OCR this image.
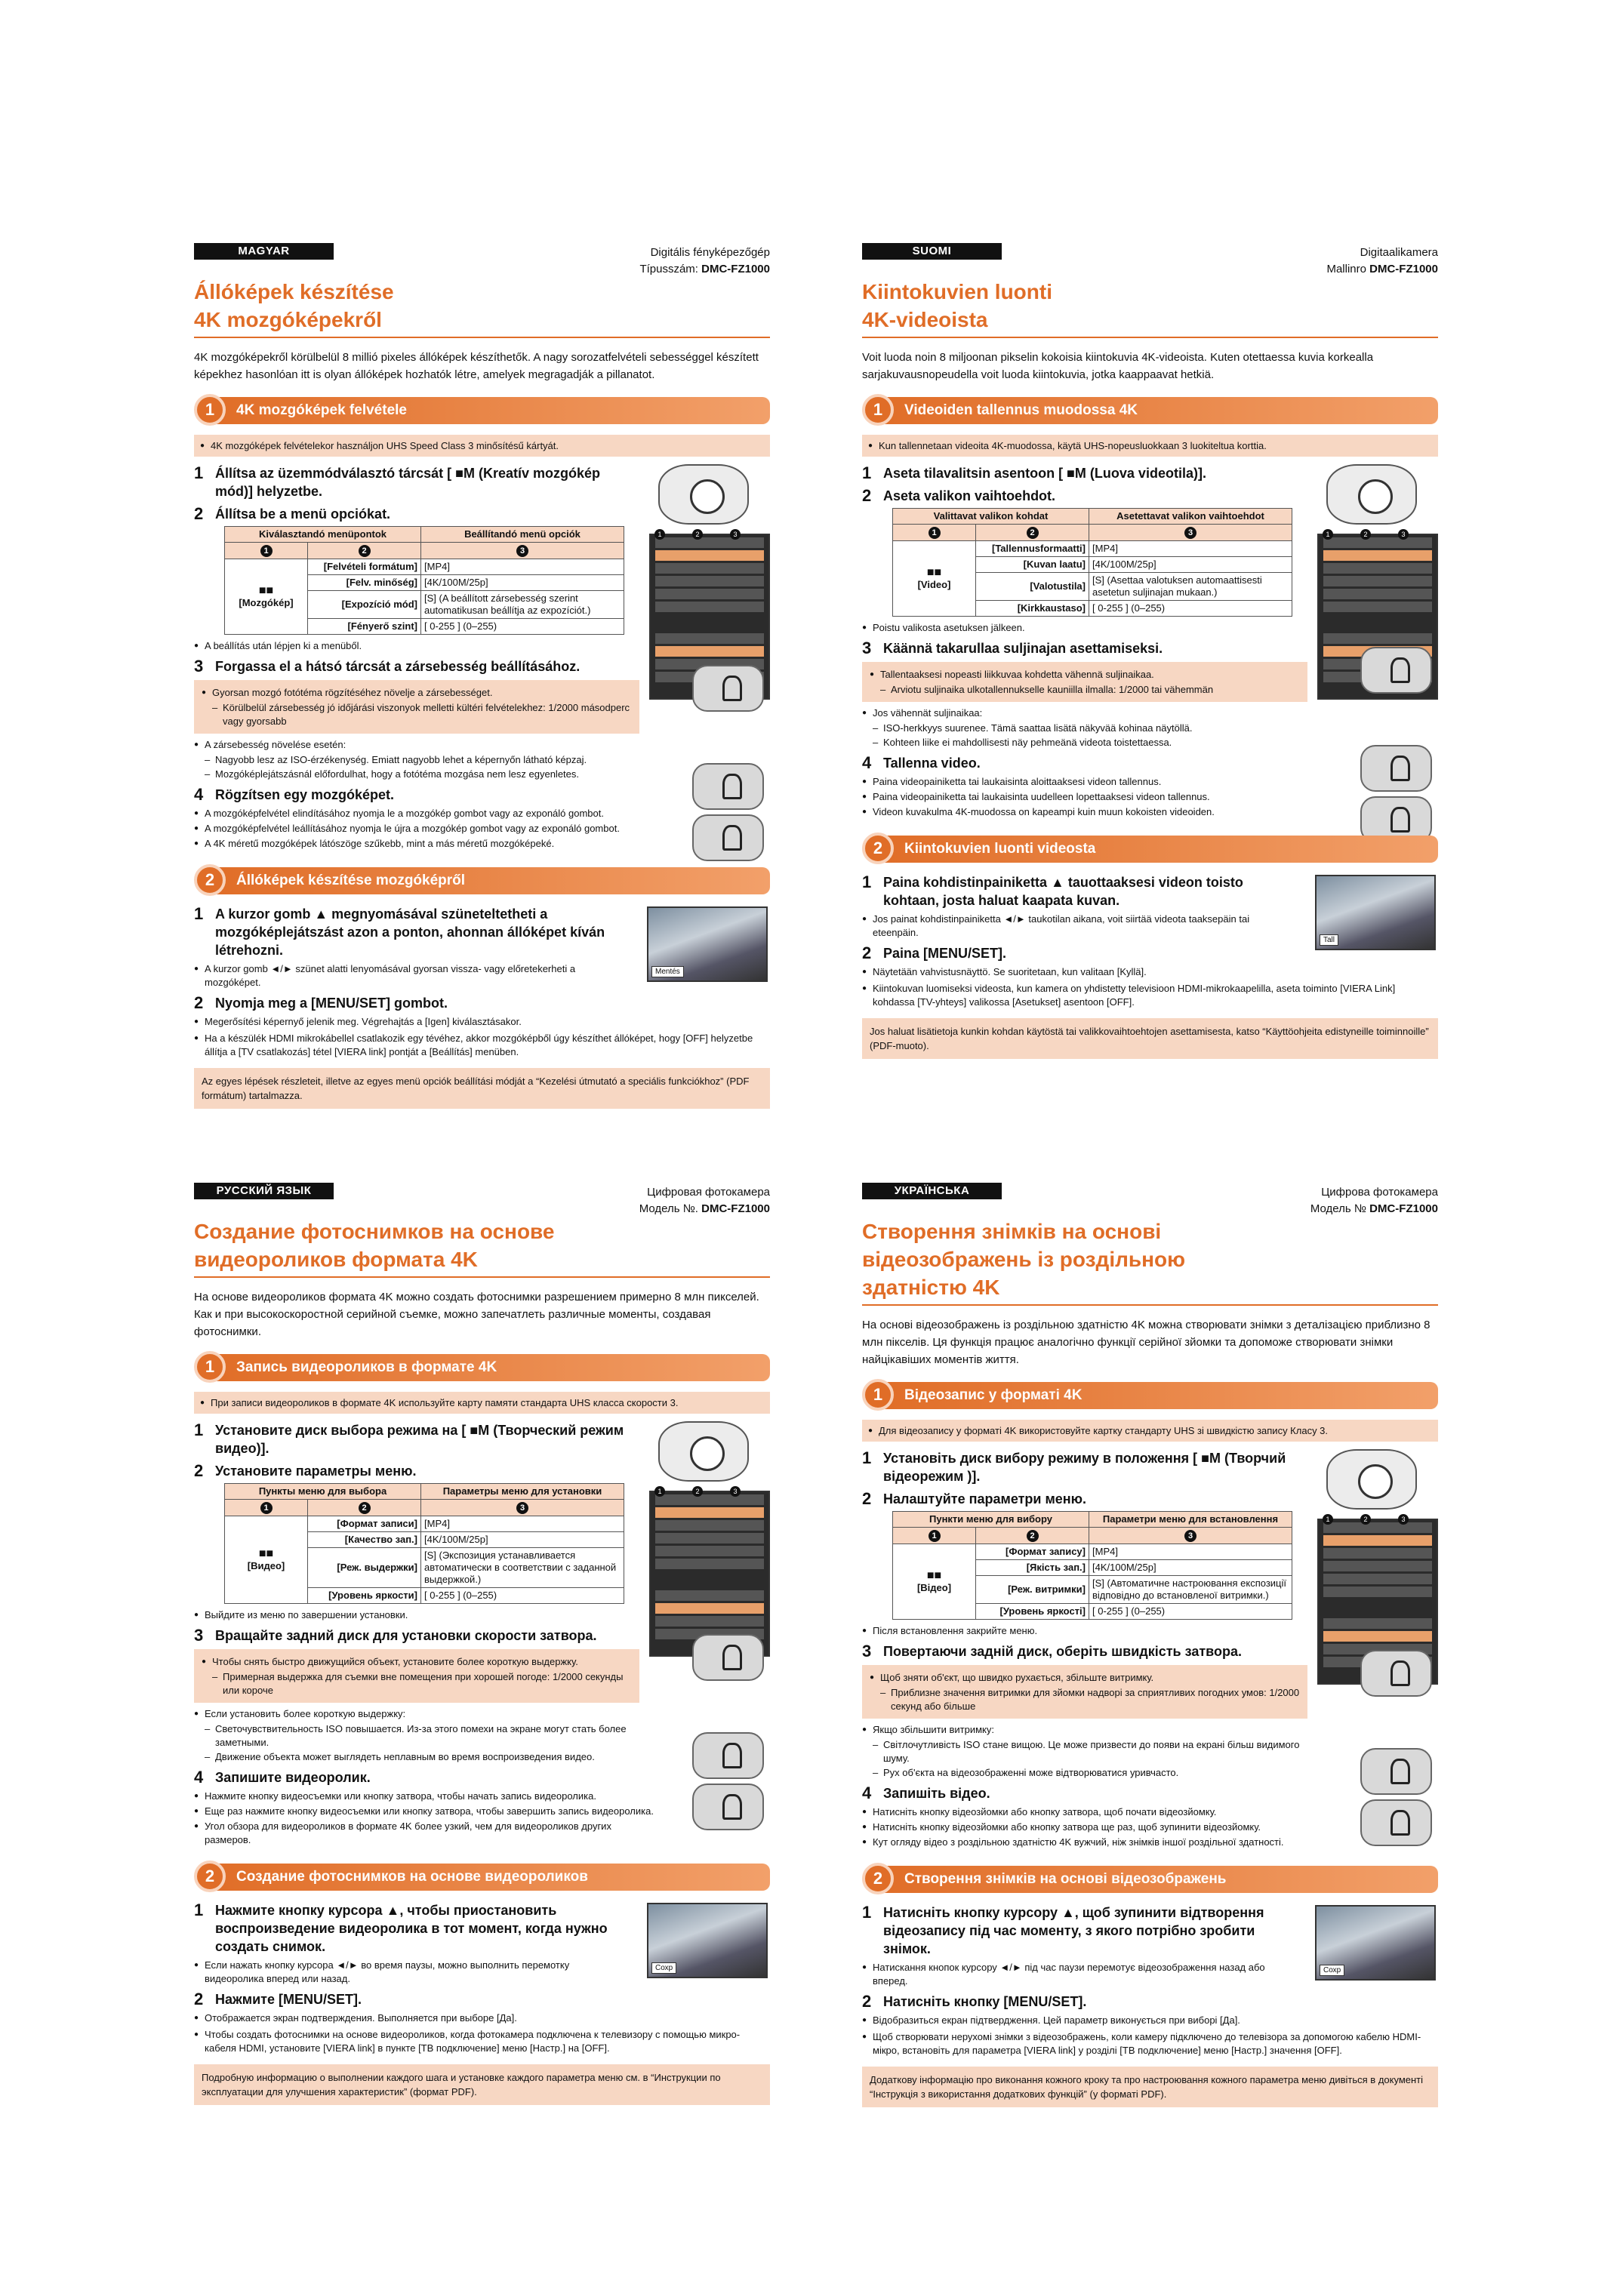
MAGYAR	Digitális fényképezőgép
Típusszám: DMC-FZ1000
Állóképek készítése
4K mozgóképekről
4K mozgóképekről körülbelül 8 millió pixeles állóképek készíthetők. A nagy sorozatfelvételi sebességgel készített képekhez hasonlóan itt is olyan állóképek hozhatók létre, amelyek megragadják a pillanatot.
1	4K mozgóképek felvétele
● 4K mozgóképek felvételekor használjon UHS Speed Class 3 minősítésű kártyát.
1	2	3
1 Állítsa az üzemmódválasztó tárcsát [ ■M (Kreatív mozgókép mód)] helyzetbe.
2 Állítsa be a menü opciókat.
Kiválasztandó menüpontok		Beállítandó menü opciók
1	2	3

■■
[Mozgókép]	[Felvételi formátum]	[MP4]
	[Felv. minőség]	[4K/100M/25p]
	[Expozíció mód]	[S] (A beállított zársebesség szerint automatikusan beállítja az expozíciót.)
	[Fényerő szint]	[ 0-255 ] (0–255)
● A beállítás után lépjen ki a menüből.
3 Forgassa el a hátsó tárcsát a zársebesség beállításához.
● Gyorsan mozgó fotótéma rögzítéséhez növelje a zársebességet.
– Körülbelül zársebesség jó időjárási viszonyok melletti kültéri felvételekhez: 1/2000 másodperc vagy gyorsabb
● A zársebesség növelése esetén:
– Nagyobb lesz az ISO-érzékenység. Emiatt nagyobb lehet a képernyőn látható képzaj.
– Mozgóképlejátszásnál előfordulhat, hogy a fotótéma mozgása nem lesz egyenletes.
4 Rögzítsen egy mozgóképet.
● A mozgóképfelvétel elindításához nyomja le a mozgókép gombot vagy az exponáló gombot.
● A mozgóképfelvétel leállításához nyomja le újra a mozgókép gombot vagy az exponáló gombot.
● A 4K méretű mozgóképek látószöge szűkebb, mint a más méretű mozgóképeké.
2	Állóképek készítése mozgóképről
Mentés
1 A kurzor gomb ▲ megnyomásával szüneteltetheti a mozgóképlejátszást azon a ponton, ahonnan állóképet kíván létrehozni.
● A kurzor gomb ◄/► szünet alatti lenyomásával gyorsan vissza- vagy előretekerheti a mozgóképet.
2 Nyomja meg a [MENU/SET] gombot.
● Megerősítési képernyő jelenik meg. Végrehajtás a [Igen] kiválasztásakor.
● Ha a készülék HDMI mikrokábellel csatlakozik egy tévéhez, akkor mozgóképből úgy készíthet állóképet, hogy [OFF] helyzetbe állítja a [TV csatlakozás] tétel [VIERA link] pontját a [Beállítás] menüben.
Az egyes lépések részleteit, illetve az egyes menü opciók beállítási módját a “Kezelési útmutató a speciális funkciókhoz” (PDF formátum) tartalmazza.
SUOMI	Digitaalikamera
Mallinro DMC-FZ1000
Kiintokuvien luonti
4K-videoista
Voit luoda noin 8 miljoonan pikselin kokoisia kiintokuvia 4K-videoista. Kuten otettaessa kuvia korkealla sarjakuvausnopeudella voit luoda kiintokuvia, jotka kaappaavat hetkiä.
1	Videoiden tallennus muodossa 4K
● Kun tallennetaan videoita 4K-muodossa, käytä UHS-nopeusluokkaan 3 luokiteltua korttia.
1	2	3
1 Aseta tilavalitsin asentoon [ ■M (Luova videotila)].
2 Aseta valikon vaihtoehdot.
Valittavat valikon kohdat		Asetettavat valikon vaihtoehdot
1	2	3

■■
[Video]	[Tallennusformaatti]	[MP4]
	[Kuvan laatu]	[4K/100M/25p]
	[Valotustila]	[S] (Asettaa valotuksen automaattisesti asetetun suljinajan mukaan.)
	[Kirkkaustaso]	[ 0-255 ] (0–255)
● Poistu valikosta asetuksen jälkeen.
3 Käännä takarullaa suljinajan asettamiseksi.
● Tallentaaksesi nopeasti liikkuvaa kohdetta vähennä suljinaikaa.
– Arviotu suljinaika ulkotallennukselle kauniilla ilmalla: 1/2000 tai vähemmän
● Jos vähennät suljinaikaa:
– ISO-herkkyys suurenee. Tämä saattaa lisätä näkyvää kohinaa näytöllä.
– Kohteen liike ei mahdollisesti näy pehmeänä videota toistettaessa.
4 Tallenna video.
● Paina videopainiketta tai laukaisinta aloittaaksesi videon tallennus.
● Paina videopainiketta tai laukaisinta uudelleen lopettaaksesi videon tallennus.
● Videon kuvakulma 4K-muodossa on kapeampi kuin muun kokoisten videoiden.
2	Kiintokuvien luonti videosta
Tall
1 Paina kohdistinpainiketta ▲ tauottaaksesi videon toisto kohtaan, josta haluat kaapata kuvan.
● Jos painat kohdistinpainiketta ◄/► taukotilan aikana, voit siirtää videota taaksepäin tai eteenpäin.
2 Paina [MENU/SET].
● Näytetään vahvistusnäyttö. Se suoritetaan, kun valitaan [Kyllä].
● Kiintokuvan luomiseksi videosta, kun kamera on yhdistetty televisioon HDMI-mikrokaapelilla, aseta toiminto [VIERA Link] kohdassa [TV-yhteys] valikossa [Asetukset] asentoon [OFF].
Jos haluat lisätietoja kunkin kohdan käytöstä tai valikkovaihtoehtojen asettamisesta, katso “Käyttöohjeita edistyneille toiminnoille” (PDF-muoto).
РУССКИЙ ЯЗЫК	Цифровая фотокамера
Модель №. DMC-FZ1000
Создание фотоснимков на основе
видеороликов формата 4K
На основе видеороликов формата 4K можно создать фотоснимки разрешением примерно 8 млн пикселей. Как и при высокоскоростной серийной съемке, можно запечатлеть различные моменты, создавая фотоснимки.
1	Запись видеороликов в формате 4K
● При записи видеороликов в формате 4K используйте карту памяти стандарта UHS класса скорости 3.
1	2	3
1 Установите диск выбора режима на [ ■M (Творческий режим видео)].
2 Установите параметры меню.
Пункты меню для выбора		Параметры меню для установки
1	2	3

■■
[Видео]	[Формат записи]	[MP4]
	[Качество зап.]	[4K/100M/25p]
	[Реж. выдержки]	[S] (Экспозиция устанавливается автоматически в соответствии с заданной выдержкой.)
	[Уровень яркости]	[ 0-255 ] (0–255)
● Выйдите из меню по завершении установки.
3 Вращайте задний диск для установки скорости затвора.
● Чтобы снять быстро движущийся объект, установите более короткую выдержку.
– Примерная выдержка для съемки вне помещения при хорошей погоде: 1/2000 секунды или короче
● Если установить более короткую выдержку:
– Светочувствительность ISO повышается. Из-за этого помехи на экране могут стать более заметными.
– Движение объекта может выглядеть неплавным во время воспроизведения видео.
4 Запишите видеоролик.
● Нажмите кнопку видеосъемки или кнопку затвора, чтобы начать запись видеоролика.
● Еще раз нажмите кнопку видеосъемки или кнопку затвора, чтобы завершить запись видеоролика.
● Угол обзора для видеороликов в формате 4K более узкий, чем для видеороликов других размеров.
2	Создание фотоснимков на основе видеороликов
Сохр
1 Нажмите кнопку курсора ▲, чтобы приостановить воспроизведение видеоролика в тот момент, когда нужно создать снимок.
● Если нажать кнопку курсора ◄/► во время паузы, можно выполнить перемотку видеоролика вперед или назад.
2 Нажмите [MENU/SET].
● Отображается экран подтверждения. Выполняется при выборе [Да].
● Чтобы создать фотоснимки на основе видеороликов, когда фотокамера подключена к телевизору с помощью микро-кабеля HDMI, установите [VIERA link] в пункте [ТВ подключение] меню [Настр.] на [OFF].
Подробную информацию о выполнении каждого шага и установке каждого параметра меню см. в “Инструкции по эксплуатации для улучшения характеристик” (формат PDF).
УКРАЇНСЬКА	Цифрова фотокамера
Модель № DMC-FZ1000
Створення знімків на основі
відеозображень із роздільною здатністю 4K
На основі відеозображень із роздільною здатністю 4K можна створювати знімки з деталізацією приблизно 8 млн пікселів. Ця функція працює аналогічно функції серійної зйомки та допоможе створювати знімки найцікавіших моментів життя.
1	Відеозапис у форматі 4K
● Для відеозапису у форматі 4K використовуйте картку стандарту UHS зі швидкістю запису Класу 3.
1	2	3
1 Установіть диск вибору режиму в положення [ ■M (Творчий відеорежим )].
2 Налаштуйте параметри меню.
Пункти меню для вибору		Параметри меню для встановлення
1	2	3

■■
[Відео]	[Формат запису]	[MP4]
	[Якість зап.]	[4K/100M/25p]
	[Реж. витримки]	[S] (Автоматичне настроювання експозиції відповідно до встановленої витримки.)
	[Уровень яркості]	[ 0-255 ] (0–255)
● Після встановлення закрийте меню.
3 Повертаючи задній диск, оберіть швидкість затвора.
● Щоб зняти об'єкт, що швидко рухається, збільште витримку.
– Приблизне значення витримки для зйомки надворі за сприятливих погодних умов: 1/2000 секунд або більше
● Якщо збільшити витримку:
– Світлочутливість ISO стане вищою. Це може призвести до появи на екрані більш видимого шуму.
– Рух об'єкта на відеозображенні може відтворюватися уривчасто.
4 Запишіть відео.
● Натисніть кнопку відеозйомки або кнопку затвора, щоб почати відеозйомку.
● Натисніть кнопку відеозйомки або кнопку затвора ще раз, щоб зупинити відеозйомку.
● Кут огляду відео з роздільною здатністю 4K вужчий, ніж знімків іншої роздільної здатності.
2	Створення знімків на основі відеозображень
Сохр
1 Натисніть кнопку курсору ▲, щоб зупинити відтворення відеозапису під час моменту, з якого потрібно зробити знімок.
● Натискання кнопок курсору ◄/► під час паузи перемотує відеозображення назад або вперед.
2 Натисніть кнопку [MENU/SET].
● Відобразиться екран підтвердження. Цей параметр виконується при виборі [Да].
● Щоб створювати нерухомі знімки з відеозображень, коли камеру підключено до телевізора за допомогою кабелю HDMI-мікро, встановіть для параметра [VIERA link] у розділі [ТВ подключение] меню [Настр.] значення [OFF].
Додаткову інформацію про виконання кожного кроку та про настроювання кожного параметра меню дивіться в документі “Інструкція з використання додаткових функцій” (у форматі PDF).
